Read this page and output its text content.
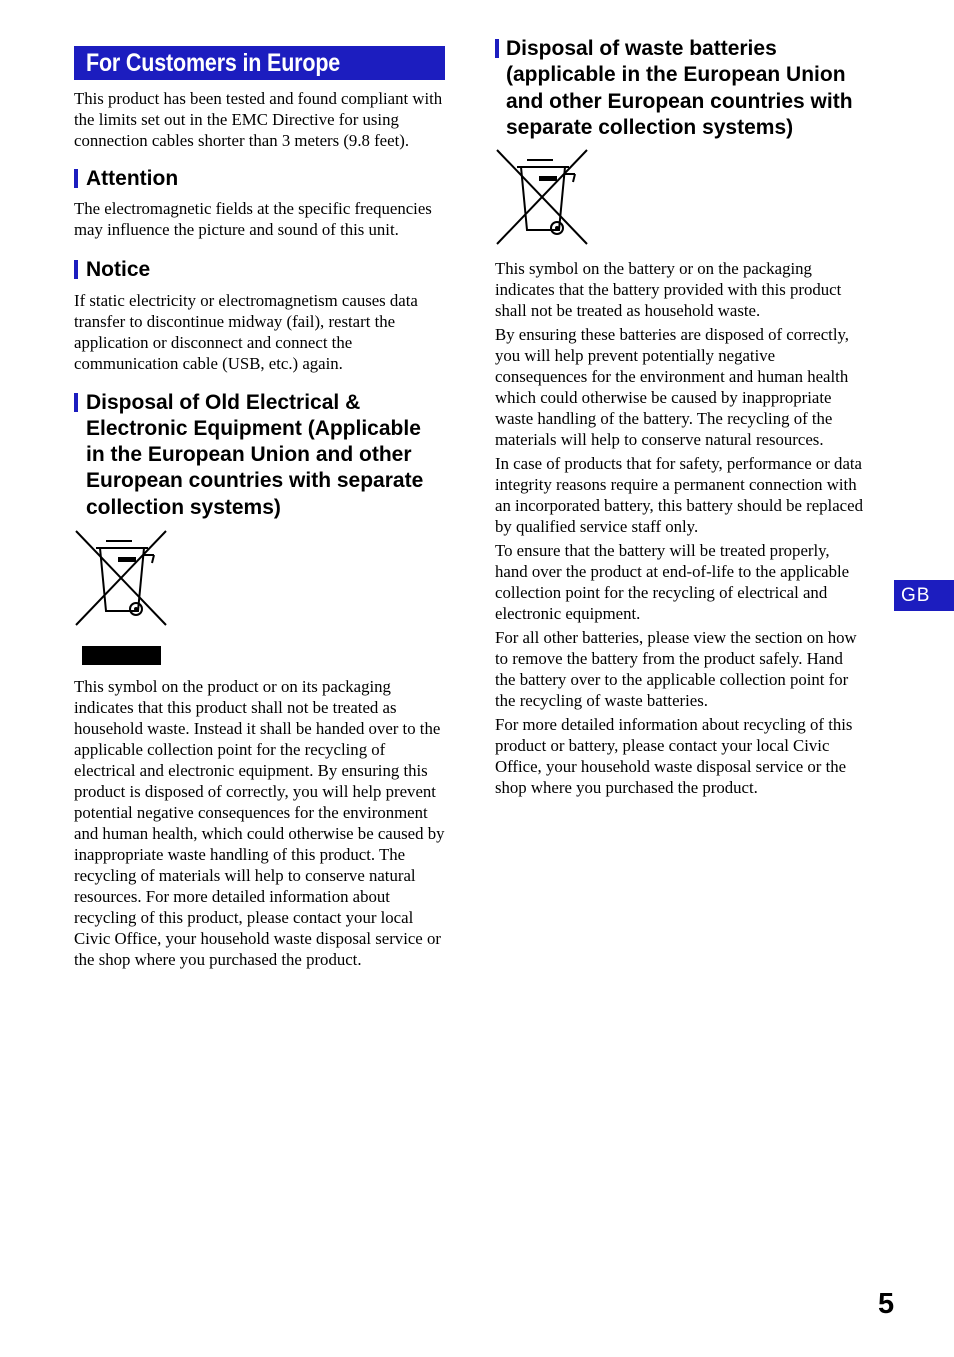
For Customers in Europe

This product has been tested and found compliant with the limits set out in the EMC Directive for using connection cables shorter than 3 meters (9.8 feet).

Attention

The electromagnetic fields at the specific frequencies may influence the picture and sound of this unit.

Notice

If static electricity or electromagnetism causes data transfer to discontinue midway (fail), restart the application or disconnect and connect the communication cable (USB, etc.) again.

Disposal of Old Electrical & Electronic Equipment (Applicable in the European Union and other European countries with separate collection systems)

This symbol on the product or on its packaging indicates that this product shall not be treated as household waste. Instead it shall be handed over to the applicable collection point for the recycling of electrical and electronic equipment. By ensuring this product is disposed of correctly, you will help prevent potential negative consequences for the environment and human health, which could otherwise be caused by inappropriate waste handling of this product. The recycling of materials will help to conserve natural resources. For more detailed information about recycling of this product, please contact your local Civic Office, your household waste disposal service or the shop where you purchased the product.

Disposal of waste batteries (applicable in the European Union and other European countries with separate collection systems)

This symbol on the battery or on the packaging indicates that the battery provided with this product shall not be treated as household waste.

By ensuring these batteries are disposed of correctly, you will help prevent potentially negative consequences for the environment and human health which could otherwise be caused by inappropriate waste handling of the battery. The recycling of the materials will help to conserve natural resources.

In case of products that for safety, performance or data integrity reasons require a permanent connection with an incorporated battery, this battery should be replaced by qualified service staff only.

To ensure that the battery will be treated properly, hand over the product at end-of-life to the applicable collection point for the recycling of electrical and electronic equipment.

For all other batteries, please view the section on how to remove the battery from the product safely. Hand the battery over to the applicable collection point for the recycling of waste batteries.

For more detailed information about recycling of this product or battery, please contact your local Civic Office, your household waste disposal service or the shop where you purchased the product.

GB
5
